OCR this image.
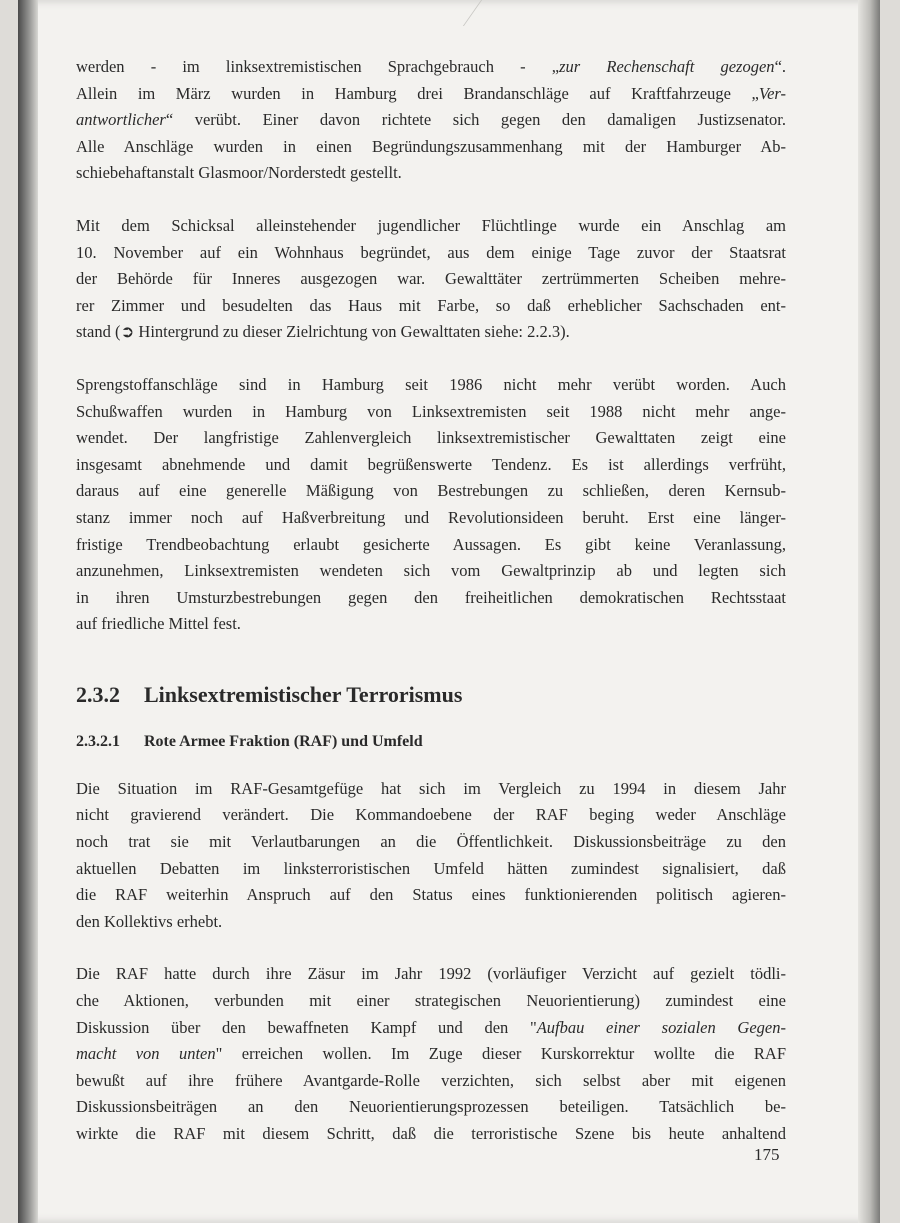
werden - im linksextremistischen Sprachgebrauch - „zur Rechenschaft gezogen“.
Allein im März wurden in Hamburg drei Brandanschläge auf Kraftfahrzeuge „Ver-
antwortlicher“ verübt. Einer davon richtete sich gegen den damaligen Justizsenator.
Alle Anschläge wurden in einen Begründungszusammenhang mit der Hamburger Ab-
schiebehaftanstalt Glasmoor/Norderstedt gestellt.

Mit dem Schicksal alleinstehender jugendlicher Flüchtlinge wurde ein Anschlag am
10. November auf ein Wohnhaus begründet, aus dem einige Tage zuvor der Staatsrat
der Behörde für Inneres ausgezogen war. Gewalttäter zertrümmerten Scheiben mehre-
rer Zimmer und besudelten das Haus mit Farbe, so daß erheblicher Sachschaden ent-
stand (➲ Hintergrund zu dieser Zielrichtung von Gewalttaten siehe: 2.2.3).

Sprengstoffanschläge sind in Hamburg seit 1986 nicht mehr verübt worden. Auch
Schußwaffen wurden in Hamburg von Linksextremisten seit 1988 nicht mehr ange-
wendet. Der langfristige Zahlenvergleich linksextremistischer Gewalttaten zeigt eine
insgesamt abnehmende und damit begrüßenswerte Tendenz. Es ist allerdings verfrüht,
daraus auf eine generelle Mäßigung von Bestrebungen zu schließen, deren Kernsub-
stanz immer noch auf Haßverbreitung und Revolutionsideen beruht. Erst eine länger-
fristige Trendbeobachtung erlaubt gesicherte Aussagen. Es gibt keine Veranlassung,
anzunehmen, Linksextremisten wendeten sich vom Gewaltprinzip ab und legten sich
in ihren Umsturzbestrebungen gegen den freiheitlichen demokratischen Rechtsstaat
auf friedliche Mittel fest.

2.3.2 Linksextremistischer Terrorismus
2.3.2.1 Rote Armee Fraktion (RAF) und Umfeld

Die Situation im RAF-Gesamtgefüge hat sich im Vergleich zu 1994 in diesem Jahr
nicht gravierend verändert. Die Kommandoebene der RAF beging weder Anschläge
noch trat sie mit Verlautbarungen an die Öffentlichkeit. Diskussionsbeiträge zu den
aktuellen Debatten im linksterroristischen Umfeld hätten zumindest signalisiert, daß
die RAF weiterhin Anspruch auf den Status eines funktionierenden politisch agieren-
den Kollektivs erhebt.

Die RAF hatte durch ihre Zäsur im Jahr 1992 (vorläufiger Verzicht auf gezielt tödli-
che Aktionen, verbunden mit einer strategischen Neuorientierung) zumindest eine
Diskussion über den bewaffneten Kampf und den "Aufbau einer sozialen Gegen-
macht von unten" erreichen wollen. Im Zuge dieser Kurskorrektur wollte die RAF
bewußt auf ihre frühere Avantgarde-Rolle verzichten, sich selbst aber mit eigenen
Diskussionsbeiträgen an den Neuorientierungsprozessen beteiligen. Tatsächlich be-
wirkte die RAF mit diesem Schritt, daß die terroristische Szene bis heute anhaltend

175
